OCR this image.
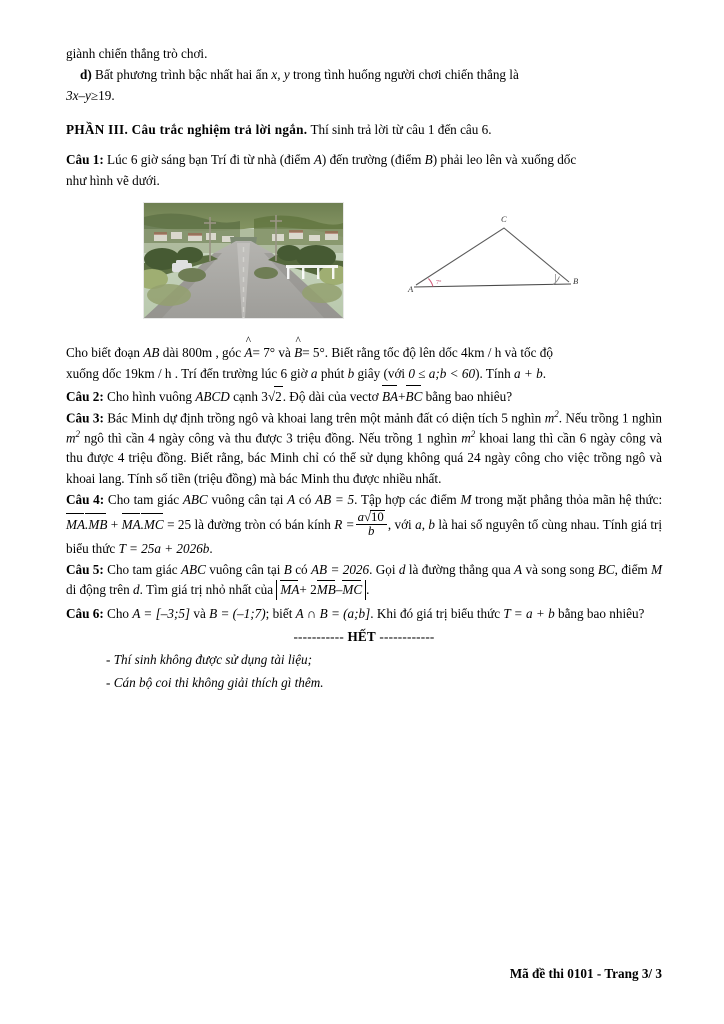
giành chiến thắng trò chơi.

d) Bất phương trình bậc nhất hai ẩn x, y trong tình huống người chơi chiến thắng là

3x–y≥19.

PHẦN III. Câu trắc nghiệm trả lời ngắn. Thí sinh trả lời từ câu 1 đến câu 6.

Câu 1: Lúc 6 giờ sáng bạn Trí đi từ nhà (điểm A) đến trường (điểm B) phải leo lên và xuống dốc

như hình vẽ dưới.

A
B
C
7°

Cho biết đoạn AB dài 800m , góc
^
A= 7° và
^
B= 5°. Biết rằng tốc độ lên dốc 4km / h và tốc độ

xuống dốc 19km / h . Trí đến trường lúc 6 giờ a phút b giây (với 0 ≤ a;b < 60). Tính a + b.

Câu 2: Cho hình vuông ABCD cạnh 3√2. Độ dài của vectơ BA+BC bằng bao nhiêu?

Câu 3: Bác Minh dự định trồng ngô và khoai lang trên một mảnh đất có diện tích 5 nghìn $m^2$. Nếu trồng 1 nghìn $m^2$ ngô thì cần 4 ngày công và thu được 3 triệu đồng. Nếu trồng 1 nghìn $m^2$ khoai lang thì cần 6 ngày công và thu được 4 triệu đồng. Biết rằng, bác Minh chỉ có thể sử dụng không quá 24 ngày công cho việc trồng ngô và khoai lang. Tính số tiền (triệu đồng) mà bác Minh thu được nhiều nhất.

Câu 4: Cho tam giác ABC vuông cân tại A có AB = 5. Tập hợp các điểm M trong mặt phẳng thỏa mãn hệ thức: MA.MB + MA.MC = 25 là đường tròn có bán kính $R = \frac{a√10}{b}$ , với a, b là hai số nguyên tố cùng nhau. Tính giá trị biểu thức T = 25a + 2026b.

Câu 5: Cho tam giác ABC vuông cân tại B có AB = 2026. Gọi d là đường thẳng qua A và song song BC, điểm M di động trên d. Tìm giá trị nhỏ nhất của MA+ 2MB–MC .

Câu 6: Cho A = [–3;5] và B = (–1;7); biết A ∩ B = (a;b]. Khi đó giá trị biểu thức T = a + b bằng bao nhiêu?

----------- HẾT ------------
- Thí sinh không được sử dụng tài liệu;
- Cán bộ coi thi không giải thích gì thêm.
Mã đề thi 0101 - Trang 3/ 3
